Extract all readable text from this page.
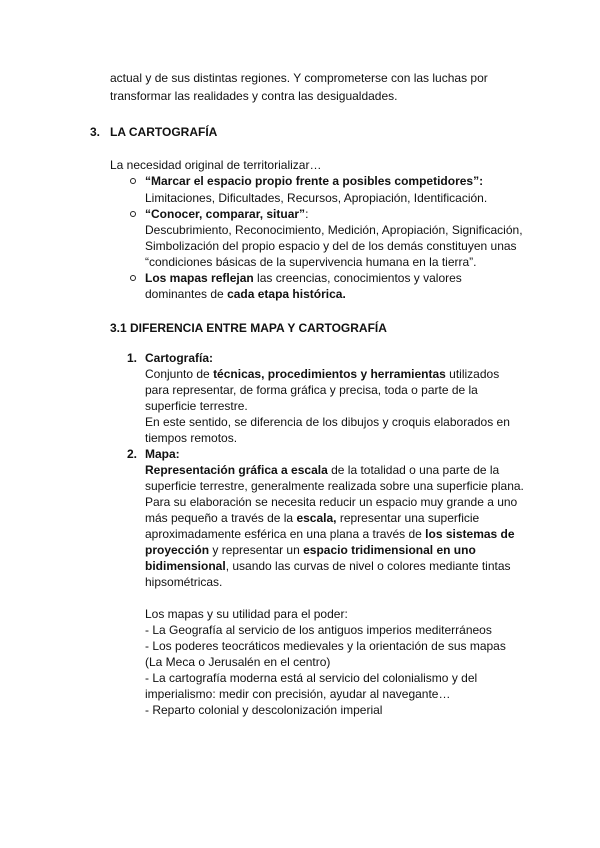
actual y de sus distintas regiones. Y comprometerse con las luchas por
transformar las realidades y contra las desigualdades.
3. LA CARTOGRAFÍA
La necesidad original de territorializar…
“Marcar el espacio propio frente a posibles competidores”:
Limitaciones, Dificultades, Recursos, Apropiación, Identificación.
“Conocer, comparar, situar”:
Descubrimiento, Reconocimiento, Medición, Apropiación, Significación,
Simbolización del propio espacio y del de los demás constituyen unas
“condiciones básicas de la supervivencia humana en la tierra”.
Los mapas reflejan las creencias, conocimientos y valores
dominantes de cada etapa histórica.
3.1 DIFERENCIA ENTRE MAPA Y CARTOGRAFÍA
1. Cartografía:
Conjunto de técnicas, procedimientos y herramientas utilizados
para representar, de forma gráfica y precisa, toda o parte de la
superficie terrestre.
En este sentido, se diferencia de los dibujos y croquis elaborados en
tiempos remotos.
2. Mapa:
Representación gráfica a escala de la totalidad o una parte de la
superficie terrestre, generalmente realizada sobre una superficie plana.
Para su elaboración se necesita reducir un espacio muy grande a uno
más pequeño a través de la escala, representar una superficie
aproximadamente esférica en una plana a través de los sistemas de
proyección y representar un espacio tridimensional en uno
bidimensional, usando las curvas de nivel o colores mediante tintas
hipsométricas.
Los mapas y su utilidad para el poder:
- La Geografía al servicio de los antiguos imperios mediterráneos
- Los poderes teocráticos medievales y la orientación de sus mapas
(La Meca o Jerusalén en el centro)
- La cartografía moderna está al servicio del colonialismo y del
imperialismo: medir con precisión, ayudar al navegante…
- Reparto colonial y descolonización imperial
